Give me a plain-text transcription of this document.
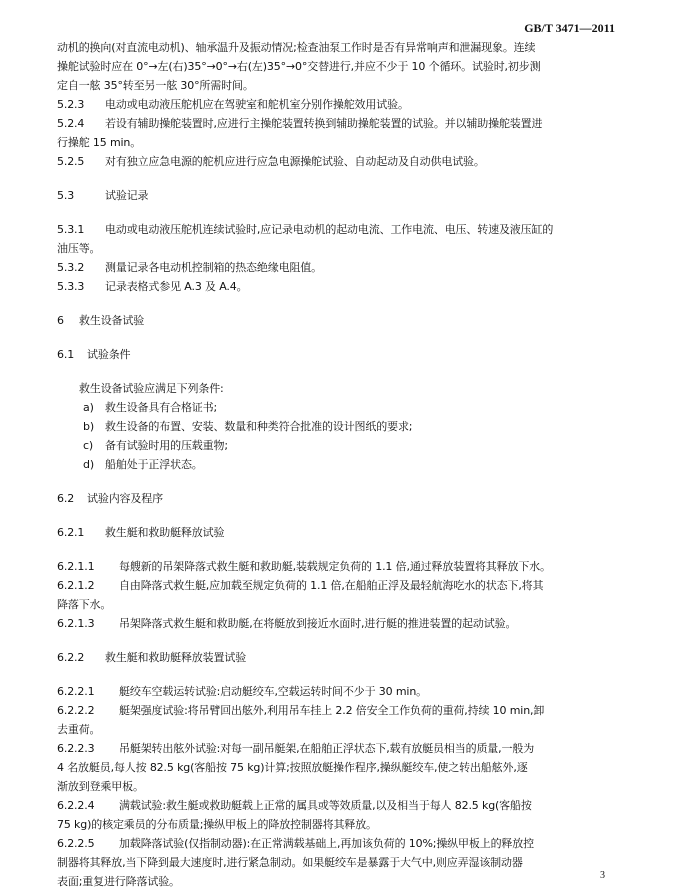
GB/T 3471—2011
动机的换向(对直流电动机)、轴承温升及振动情况;检查油泵工作时是否有异常响声和泄漏现象。连续
操舵试验时应在 0°→左(右)35°→0°→右(左)35°→0°交替进行,并应不少于 10 个循环。试验时,初步测
定自一舷 35°转至另一舷 30°所需时间。
5.2.3 电动或电动液压舵机应在驾驶室和舵机室分别作操舵效用试验。
5.2.4 若设有辅助操舵装置时,应进行主操舵装置转换到辅助操舵装置的试验。并以辅助操舵装置进
行操舵 15 min。
5.2.5 对有独立应急电源的舵机应进行应急电源操舵试验、自动起动及自动供电试验。
5.3	试验记录
5.3.1 电动或电动液压舵机连续试验时,应记录电动机的起动电流、工作电流、电压、转速及液压缸的
油压等。
5.3.2 测量记录各电动机控制箱的热态绝缘电阻值。
5.3.3 记录表格式参见 A.3 及 A.4。
6 救生设备试验
6.1 试验条件
救生设备试验应满足下列条件:
a) 救生设备具有合格证书;
b) 救生设备的布置、安装、数量和种类符合批准的设计图纸的要求;
c) 备有试验时用的压载重物;
d) 船舶处于正浮状态。
6.2 试验内容及程序
6.2.1 救生艇和救助艇释放试验
6.2.1.1 每艘新的吊架降落式救生艇和救助艇,装载规定负荷的 1.1 倍,通过释放装置将其释放下水。
6.2.1.2 自由降落式救生艇,应加载至规定负荷的 1.1 倍,在船舶正浮及最轻航海吃水的状态下,将其
降落下水。
6.2.1.3 吊架降落式救生艇和救助艇,在将艇放到接近水面时,进行艇的推进装置的起动试验。
6.2.2 救生艇和救助艇释放装置试验
6.2.2.1 艇绞车空载运转试验:启动艇绞车,空载运转时间不少于 30 min。
6.2.2.2 艇架强度试验:将吊臂回出舷外,利用吊车挂上 2.2 倍安全工作负荷的重荷,持续 10 min,卸
去重荷。
6.2.2.3 吊艇架转出舷外试验:对每一副吊艇架,在船舶正浮状态下,载有放艇员相当的质量,一般为
4 名放艇员,每人按 82.5 kg(客船按 75 kg)计算;按照放艇操作程序,操纵艇绞车,使之转出船舷外,逐
渐放到登乘甲板。
6.2.2.4 满载试验:救生艇或救助艇载上正常的属具或等效质量,以及相当于每人 82.5 kg(客船按
75 kg)的核定乘员的分布质量;操纵甲板上的降放控制器将其释放。
6.2.2.5 加载降落试验(仅指制动器):在正常满载基础上,再加该负荷的 10%;操纵甲板上的释放控
制器将其释放,当下降到最大速度时,进行紧急制动。如果艇绞车是暴露于大气中,则应弄湿该制动器
表面;重复进行降落试验。	3
